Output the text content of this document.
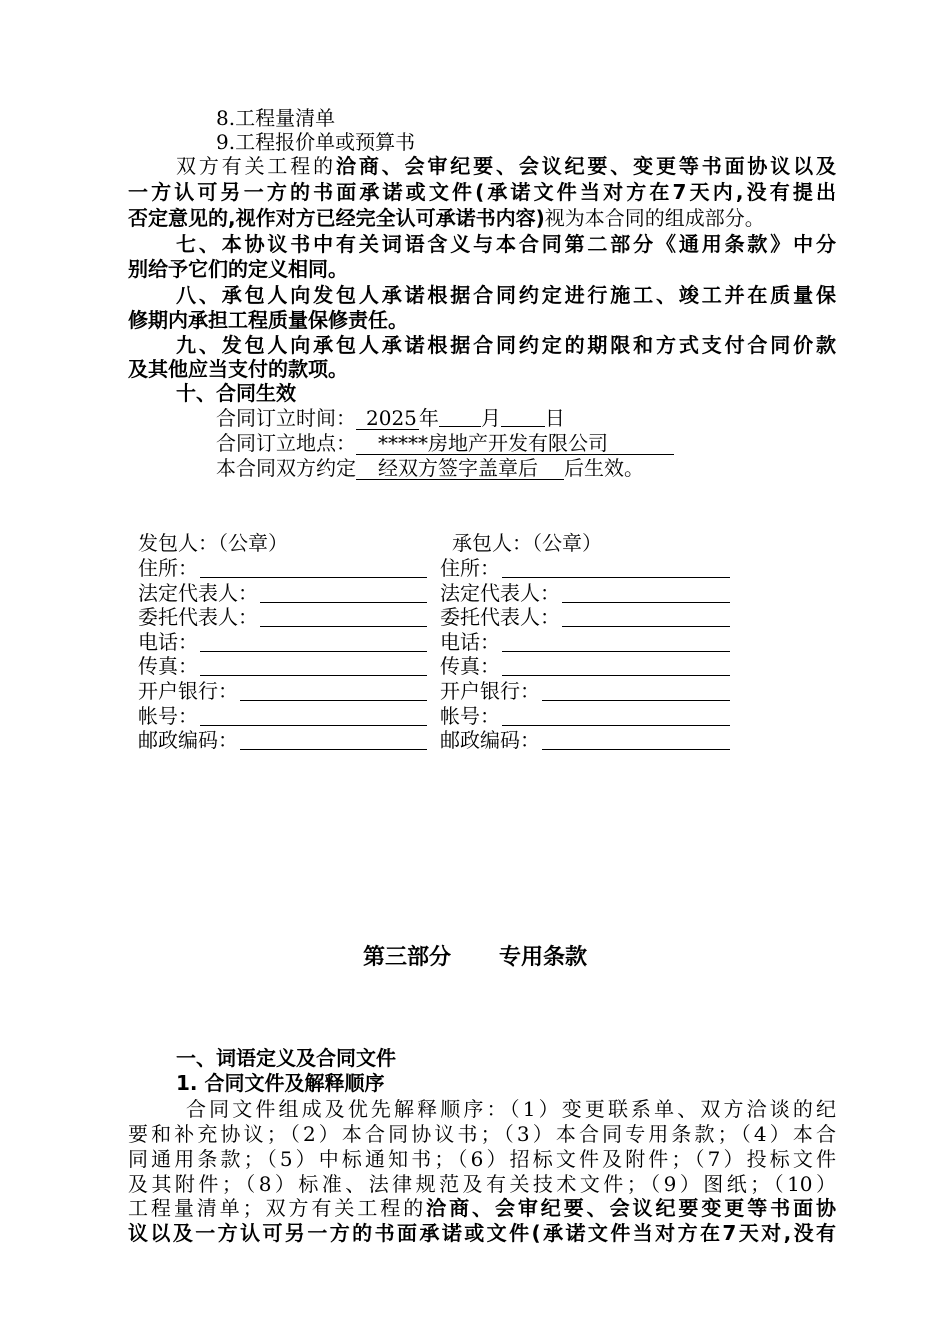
8.工程量清单
9.工程报价单或预算书
双方有关工程的洽商、会审纪要、会议纪要、变更等书面协议以及
一方认可另一方的书面承诺或文件(承诺文件当对方在7天内,没有提出
否定意见的,视作对方已经完全认可承诺书内容)视为本合同的组成部分。
七、本协议书中有关词语含义与本合同第二部分《通用条款》中分
别给予它们的定义相同。
八、承包人向发包人承诺根据合同约定进行施工、竣工并在质量保
修期内承担工程质量保修责任。
九、发包人向承包人承诺根据合同约定的期限和方式支付合同价款
及其他应当支付的款项。
十、合同生效
合同订立时间： 2025 年 月 日
合同订立地点： *****房地产开发有限公司
本合同双方约定 经双方签字盖章后 后生效。
发包人：（公章）	承包人：（公章）
第三部分 专用条款
一、词语定义及合同文件
1. 合同文件及解释顺序
合同文件组成及优先解释顺序：（1）变更联系单、双方洽谈的纪
要和补充协议；（2）本合同协议书；（3）本合同专用条款；（4）本合
同通用条款；（5）中标通知书；（6）招标文件及附件；（7）投标文件
及其附件；（8）标准、法律规范及有关技术文件；（9）图纸；（10）
工程量清单；双方有关工程的洽商、会审纪要、会议纪要变更等书面协
议以及一方认可另一方的书面承诺或文件(承诺文件当对方在7天对,没有
住所：
法定代表人：
委托代表人：
电话：
传真：
开户银行：
帐号：
邮政编码：
住所：
法定代表人：
委托代表人：
电话：
传真：
开户银行：
帐号：
邮政编码：
